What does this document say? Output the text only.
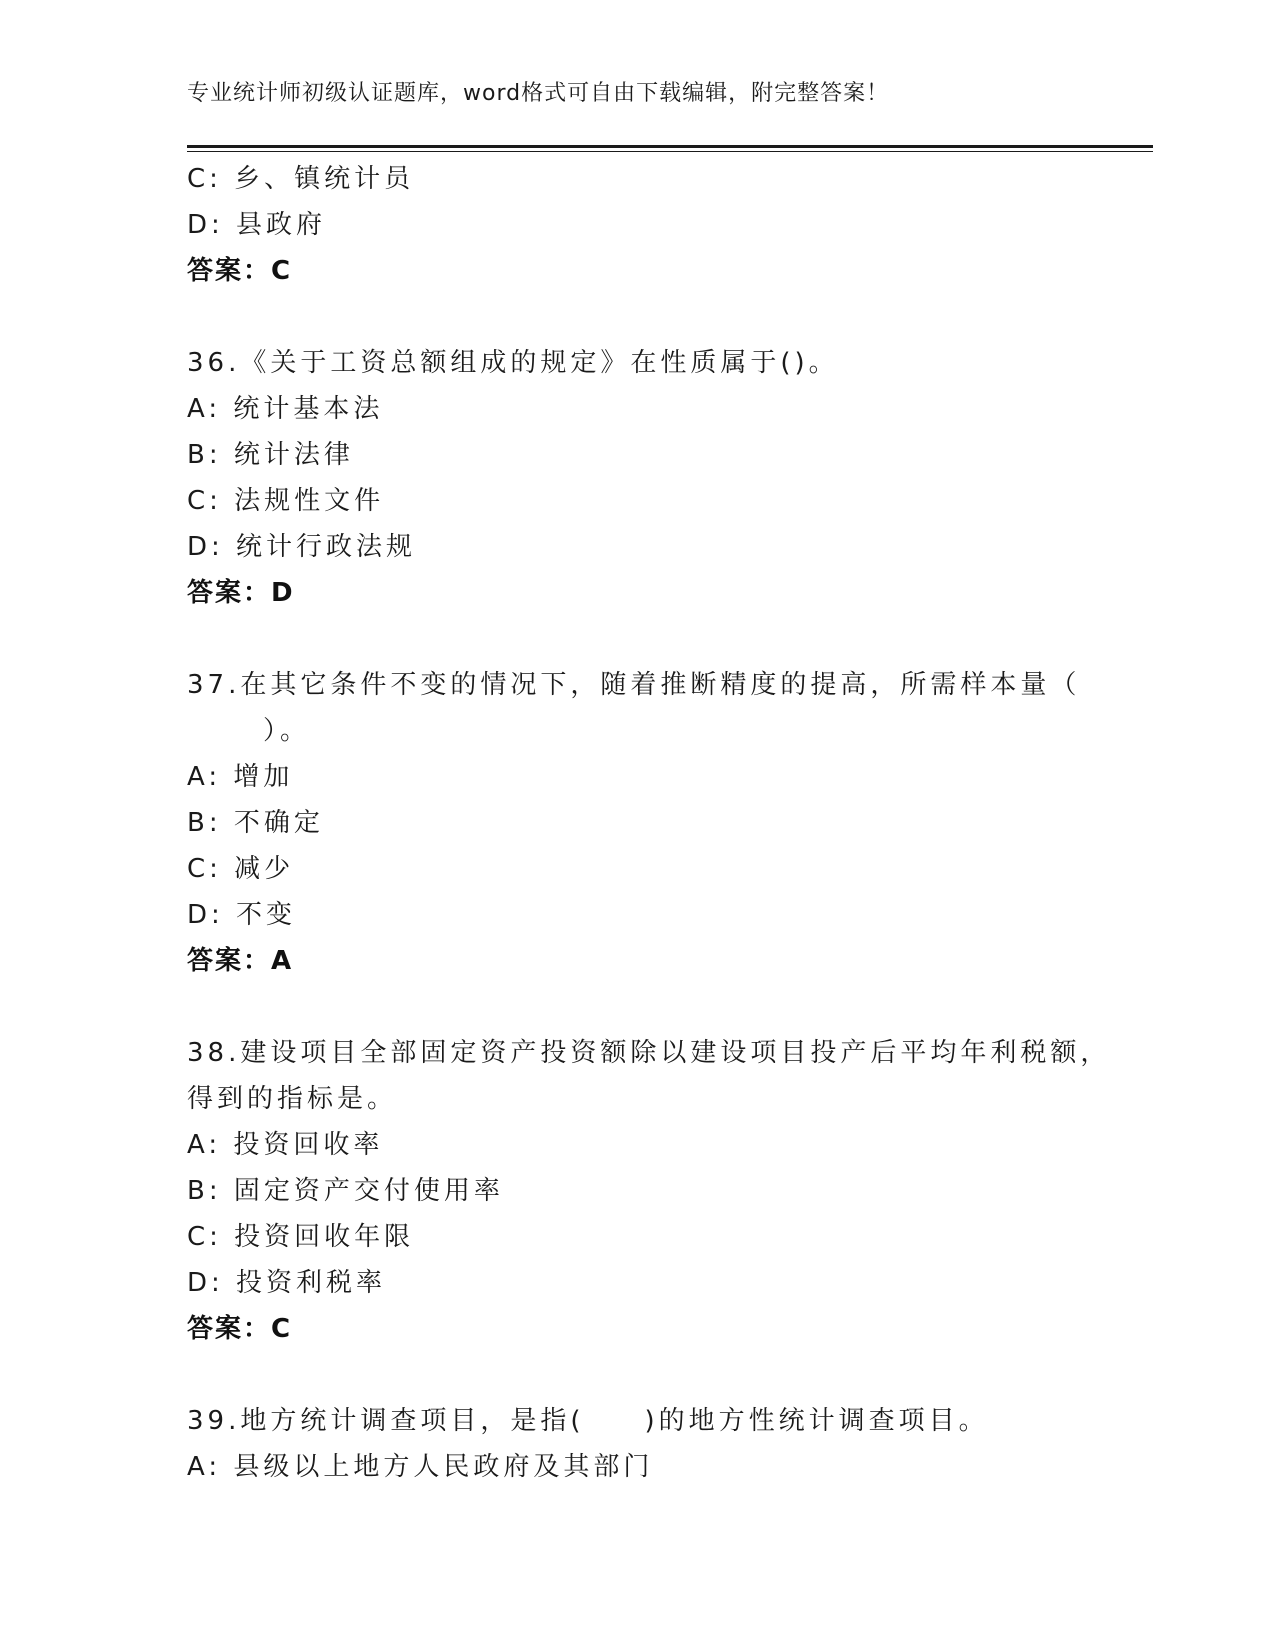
专业统计师初级认证题库，word格式可自由下载编辑，附完整答案！
C: 乡、镇统计员
D: 县政府
答案：C
36.《关于工资总额组成的规定》在性质属于()。
A: 统计基本法
B: 统计法律
C: 法规性文件
D: 统计行政法规
答案：D
37.在其它条件不变的情况下，随着推断精度的提高，所需样本量（
）。
A: 增加
B: 不确定
C: 减少
D: 不变
答案：A
38.建设项目全部固定资产投资额除以建设项目投产后平均年利税额，
得到的指标是。
A: 投资回收率
B: 固定资产交付使用率
C: 投资回收年限
D: 投资利税率
答案：C
39.地方统计调查项目，是指(　　)的地方性统计调查项目。
A: 县级以上地方人民政府及其部门
